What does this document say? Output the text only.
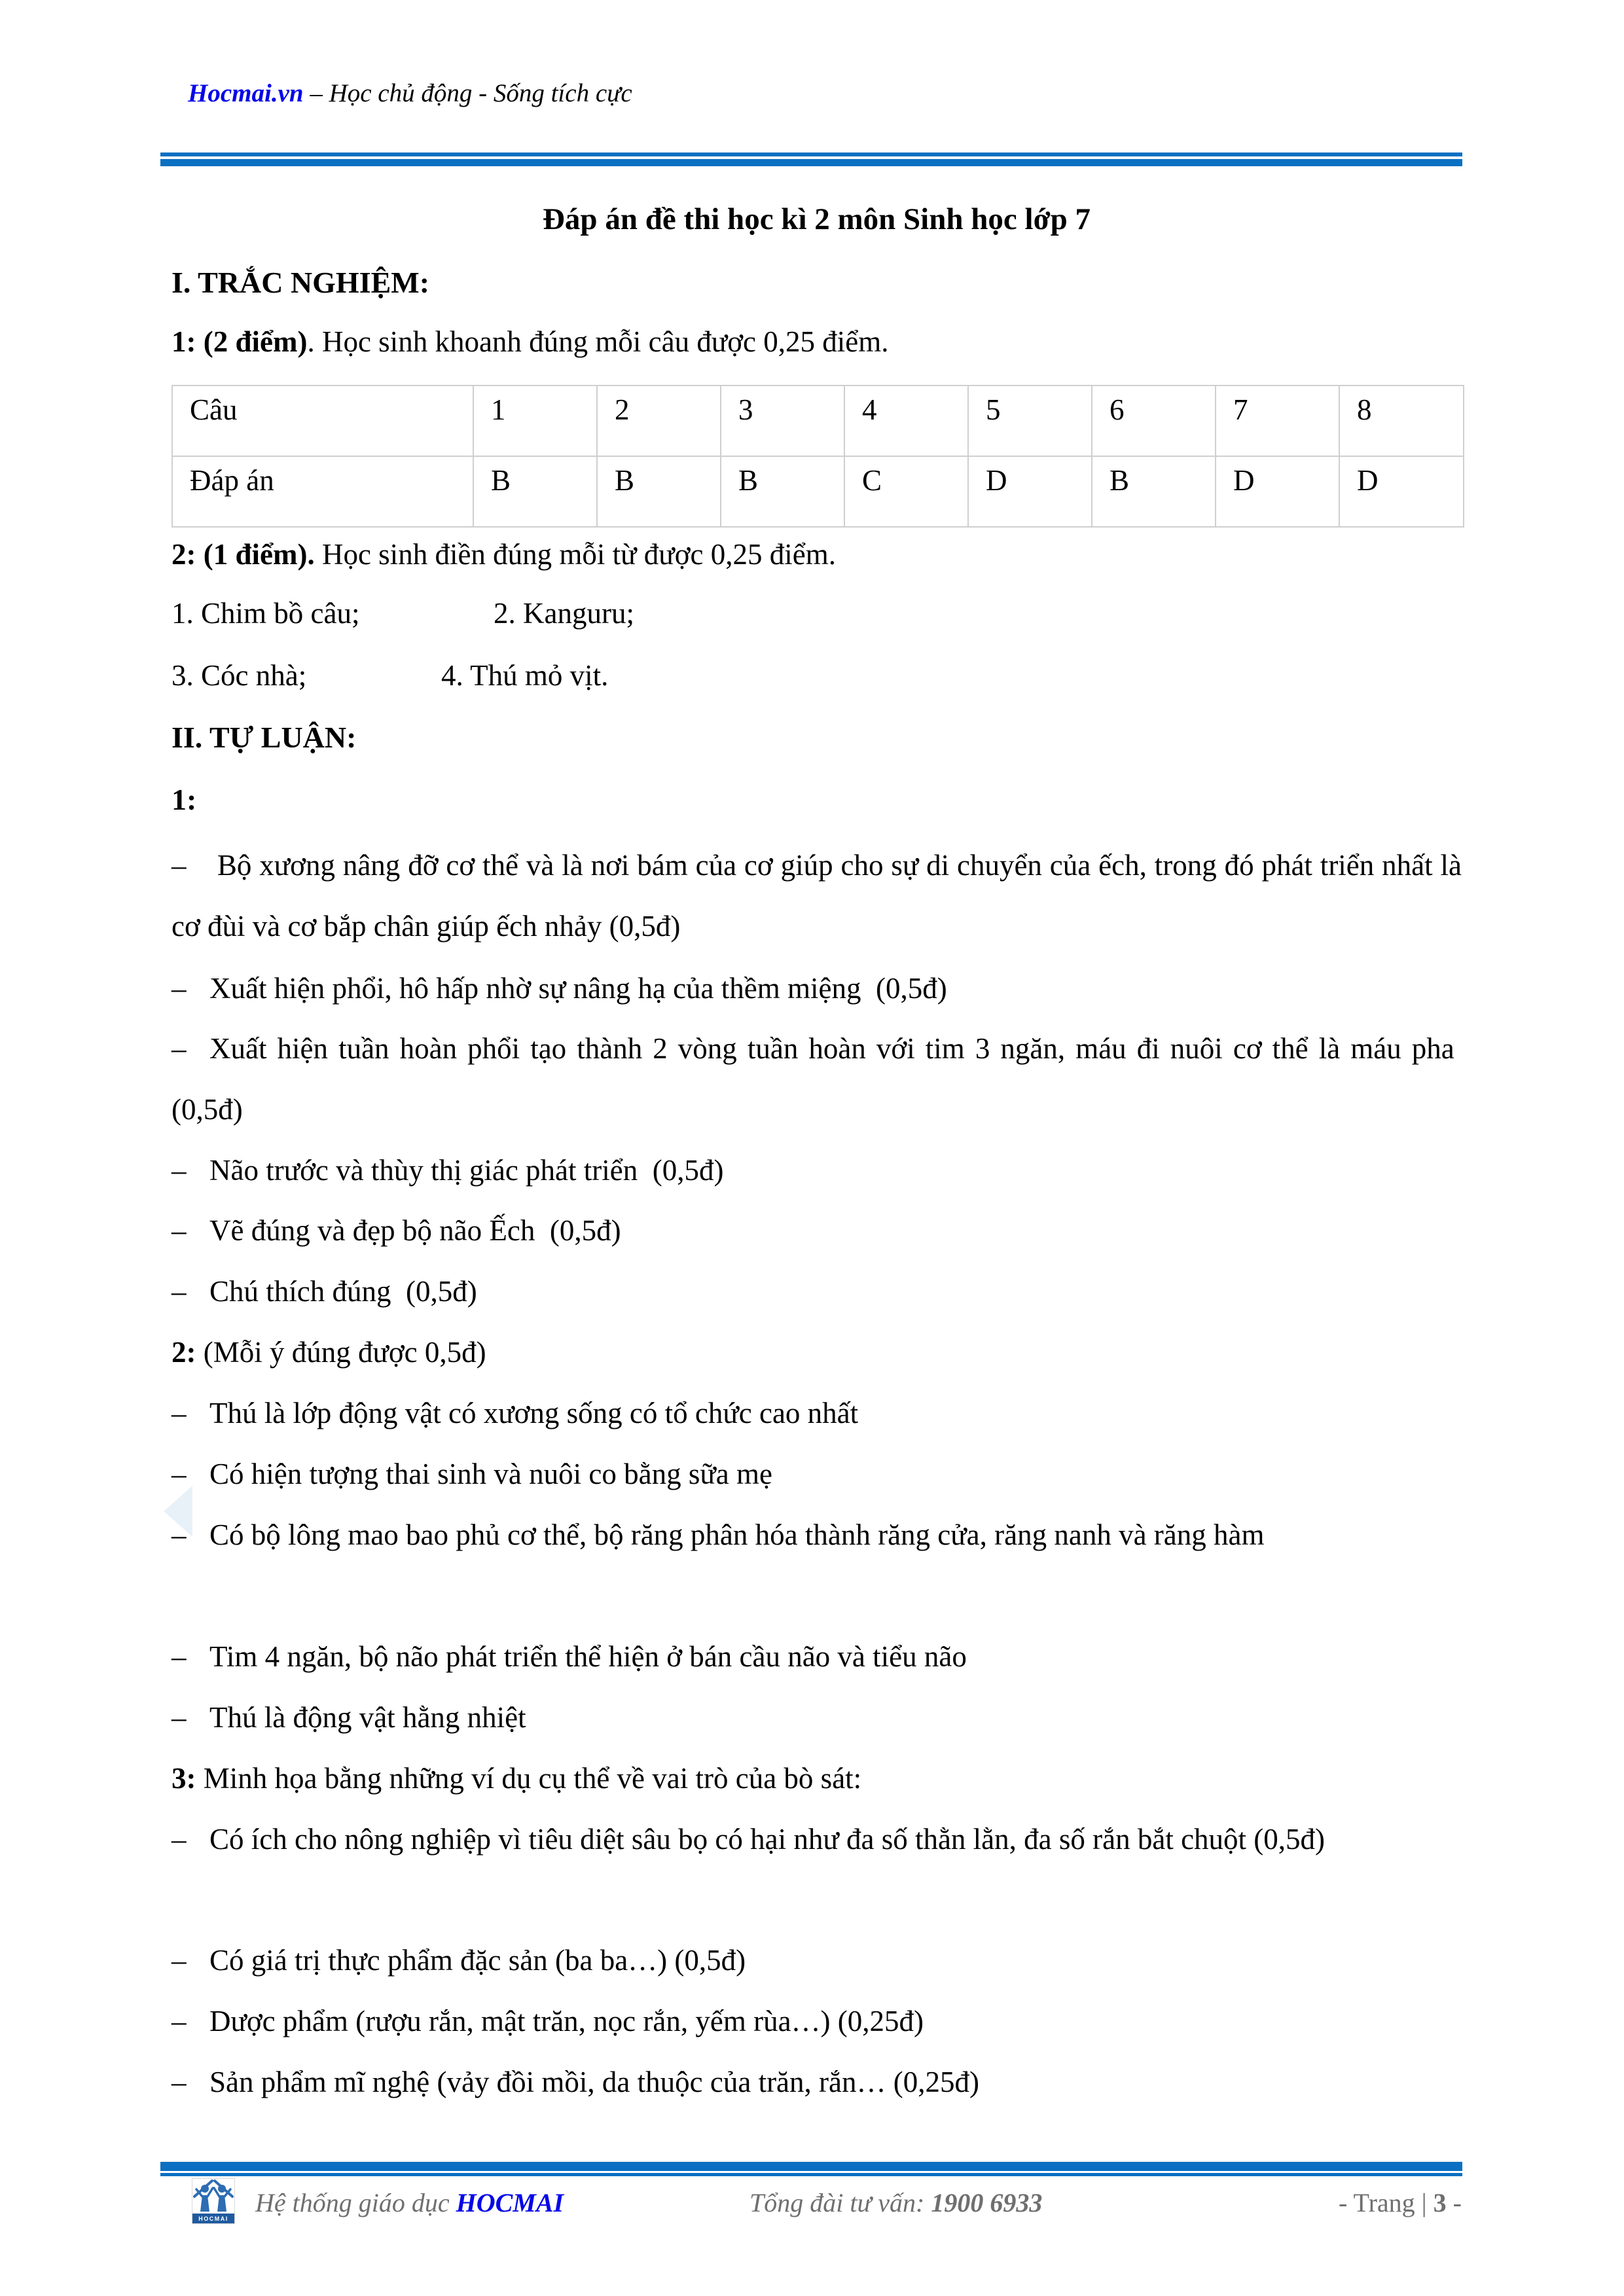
Hocmai.vn – Học chủ động - Sống tích cực
Đáp án đề thi học kì 2 môn Sinh học lớp 7
I. TRẮC NGHIỆM:
1: (2 điểm). Học sinh khoanh đúng mỗi câu được 0,25 điểm.
Câu	1	2	3	4	5	6	7	8
Đáp án	B	B	B	C	D	B	D	D
2: (1 điểm). Học sinh điền đúng mỗi từ được 0,25 điểm.
1. Chim bồ câu;	2. Kanguru;
3. Cóc nhà;	4. Thú mỏ vịt.
II. TỰ LUẬN:
1:
– Bộ xương nâng đỡ cơ thể và là nơi bám của cơ giúp cho sự di chuyển của ếch, trong đó phát triển nhất là cơ đùi và cơ bắp chân giúp ếch nhảy (0,5đ)
– Xuất hiện phổi, hô hấp nhờ sự nâng hạ của thềm miệng  (0,5đ)
– Xuất hiện tuần hoàn phổi tạo thành 2 vòng tuần hoàn với tim 3 ngăn, máu đi nuôi cơ thể là máu pha  (0,5đ)
– Não trước và thùy thị giác phát triển  (0,5đ)
– Vẽ đúng và đẹp bộ não Ếch  (0,5đ)
– Chú thích đúng  (0,5đ)
2: (Mỗi ý đúng được 0,5đ)
– Thú là lớp động vật có xương sống có tổ chức cao nhất
– Có hiện tượng thai sinh và nuôi co bằng sữa mẹ
– Có bộ lông mao bao phủ cơ thể, bộ răng phân hóa thành răng cửa, răng nanh và răng hàm
– Tim 4 ngăn, bộ não phát triển thể hiện ở bán cầu não và tiểu não
– Thú là động vật hằng nhiệt
3: Minh họa bằng những ví dụ cụ thể về vai trò của bò sát:
– Có ích cho nông nghiệp vì tiêu diệt sâu bọ có hại như đa số thằn lằn, đa số rắn bắt chuột (0,5đ)
– Có giá trị thực phẩm đặc sản (ba ba…) (0,5đ)
– Dược phẩm (rượu rắn, mật trăn, nọc rắn, yếm rùa…) (0,25đ)
– Sản phẩm mĩ nghệ (vảy đồi mồi, da thuộc của trăn, rắn… (0,25đ)
HOCMAI
Hệ thống giáo dục HOCMAI	Tổng đài tư vấn: 1900 6933	- Trang | 3 -
